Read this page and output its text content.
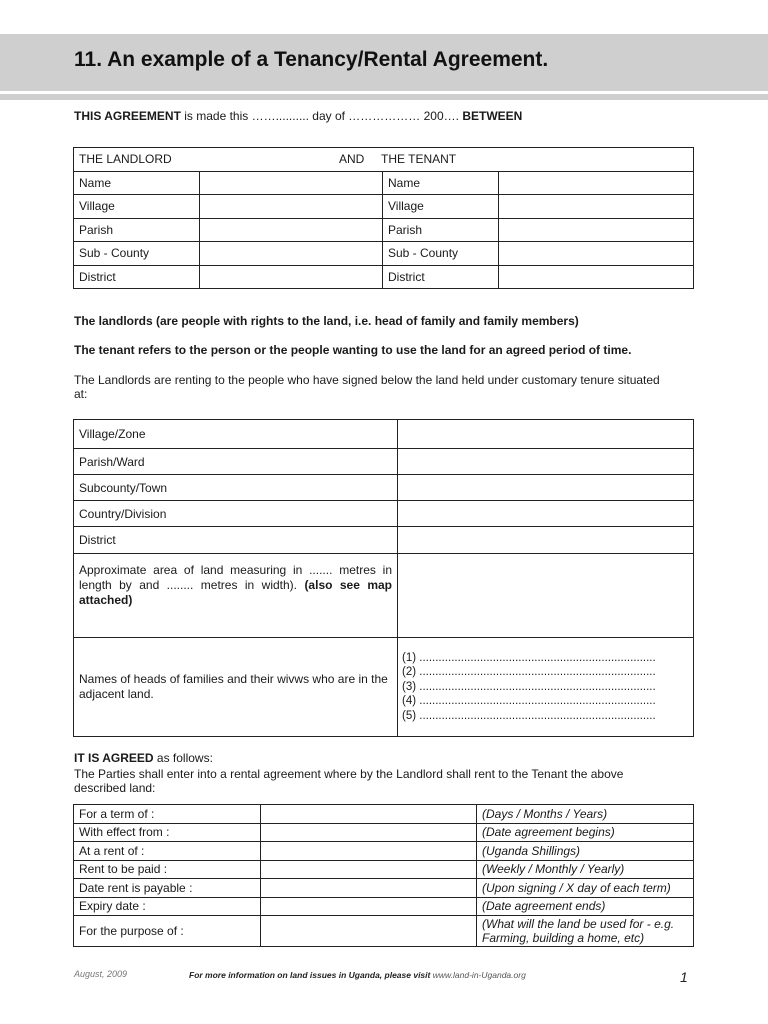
11. An example of a Tenancy/Rental Agreement.
THIS AGREEMENT is made this …….......... day of ……………… 200…. BETWEEN
THE LANDLORD AND THE TENANT			

Name		Name	
Village		Village	
Parish		Parish	
Sub - County		Sub - County	
District		District	
The landlords (are people with rights to the land, i.e. head of family and family members)
The tenant refers to the person or the people wanting to use the land for an agreed period of time.
The Landlords are renting to the people who have signed below the land held under customary tenure situated at:
Village/Zone	
Parish/Ward	
Subcounty/Town	
Country/Division	
District	
Approximate area of land measuring in ....... metres in length by and ........ metres in width). (also see map attached)	
Names of heads of families and their wivws who are in the adjacent land.	(1) ..........................................................................
(2) ..........................................................................
(3) ..........................................................................
(4) ..........................................................................
(5) ..........................................................................
IT IS AGREED as follows:
The Parties shall enter into a rental agreement where by the Landlord shall rent to the Tenant the above described land:
For a term of :		(Days / Months / Years)
With effect from :		(Date agreement begins)
At a rent of :		(Uganda Shillings)
Rent to be paid :		(Weekly / Monthly / Yearly)
Date rent is payable :		(Upon signing / X day of each term)
Expiry date :		(Date agreement ends)
For the purpose of :		(What will the land be used for - e.g. Farming, building a home, etc)
August, 2009	For more information on land issues in Uganda, please visit www.land-in-Uganda.org	1
